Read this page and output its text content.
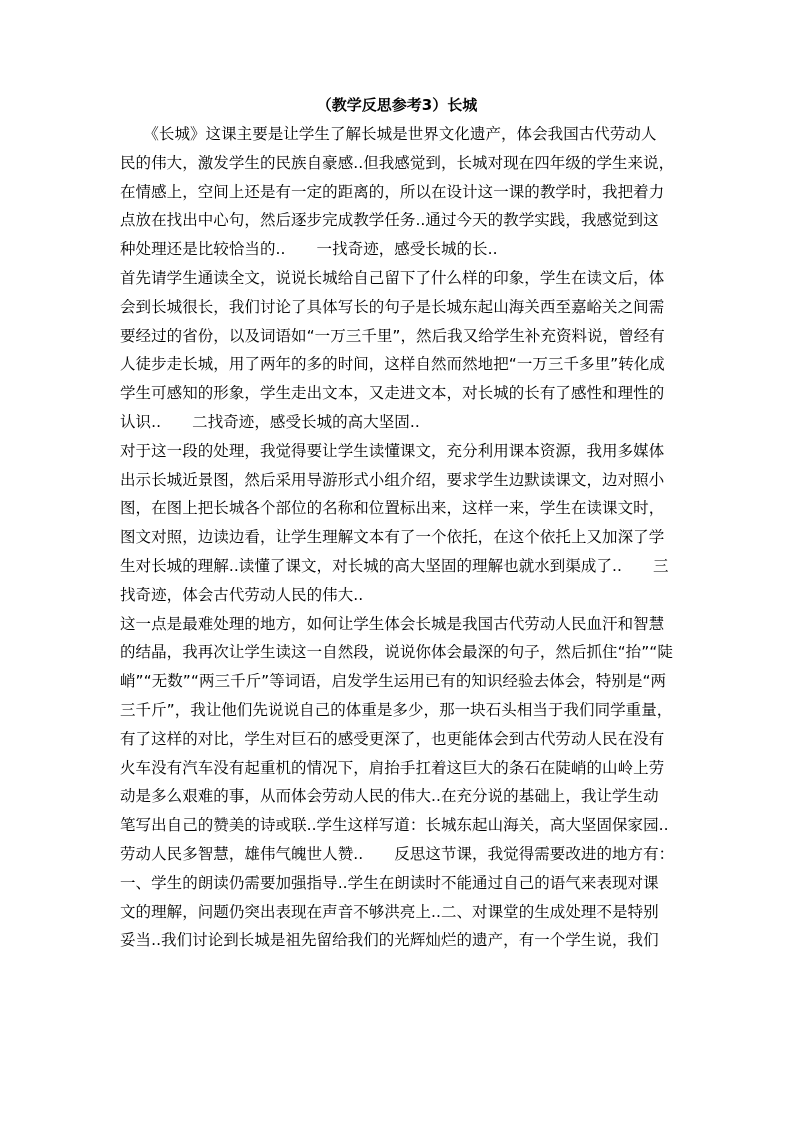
（教学反思参考3）长城
　　《长城》这课主要是让学生了解长城是世界文化遗产，体会我国古代劳动人
民的伟大，激发学生的民族自豪感..但我感觉到，长城对现在四年级的学生来说，
在情感上，空间上还是有一定的距离的，所以在设计这一课的教学时，我把着力
点放在找出中心句，然后逐步完成教学任务..通过今天的教学实践，我感觉到这
种处理还是比较恰当的..　　一找奇迹，感受长城的长..
首先请学生通读全文，说说长城给自己留下了什么样的印象，学生在读文后，体
会到长城很长，我们讨论了具体写长的句子是长城东起山海关西至嘉峪关之间需
要经过的省份，以及词语如“一万三千里”，然后我又给学生补充资料说，曾经有
人徒步走长城，用了两年的多的时间，这样自然而然地把“一万三千多里”转化成
学生可感知的形象，学生走出文本，又走进文本，对长城的长有了感性和理性的
认识..　　二找奇迹，感受长城的高大坚固..
对于这一段的处理，我觉得要让学生读懂课文，充分利用课本资源，我用多媒体
出示长城近景图，然后采用导游形式小组介绍，要求学生边默读课文，边对照小
图，在图上把长城各个部位的名称和位置标出来，这样一来，学生在读课文时，
图文对照，边读边看，让学生理解文本有了一个依托，在这个依托上又加深了学
生对长城的理解..读懂了课文，对长城的高大坚固的理解也就水到渠成了..　　三
找奇迹，体会古代劳动人民的伟大..
这一点是最难处理的地方，如何让学生体会长城是我国古代劳动人民血汗和智慧
的结晶，我再次让学生读这一自然段，说说你体会最深的句子，然后抓住“抬”“陡
峭”“无数”“两三千斤”等词语，启发学生运用已有的知识经验去体会，特别是“两
三千斤”，我让他们先说说自己的体重是多少，那一块石头相当于我们同学重量，
有了这样的对比，学生对巨石的感受更深了，也更能体会到古代劳动人民在没有
火车没有汽车没有起重机的情况下，肩抬手扛着这巨大的条石在陡峭的山岭上劳
动是多么艰难的事，从而体会劳动人民的伟大..在充分说的基础上，我让学生动
笔写出自己的赞美的诗或联..学生这样写道：长城东起山海关，高大坚固保家园..
劳动人民多智慧，雄伟气魄世人赞..　　反思这节课，我觉得需要改进的地方有：
一、学生的朗读仍需要加强指导..学生在朗读时不能通过自己的语气来表现对课
文的理解，问题仍突出表现在声音不够洪亮上..二、对课堂的生成处理不是特别
妥当..我们讨论到长城是祖先留给我们的光辉灿烂的遗产，有一个学生说，我们
